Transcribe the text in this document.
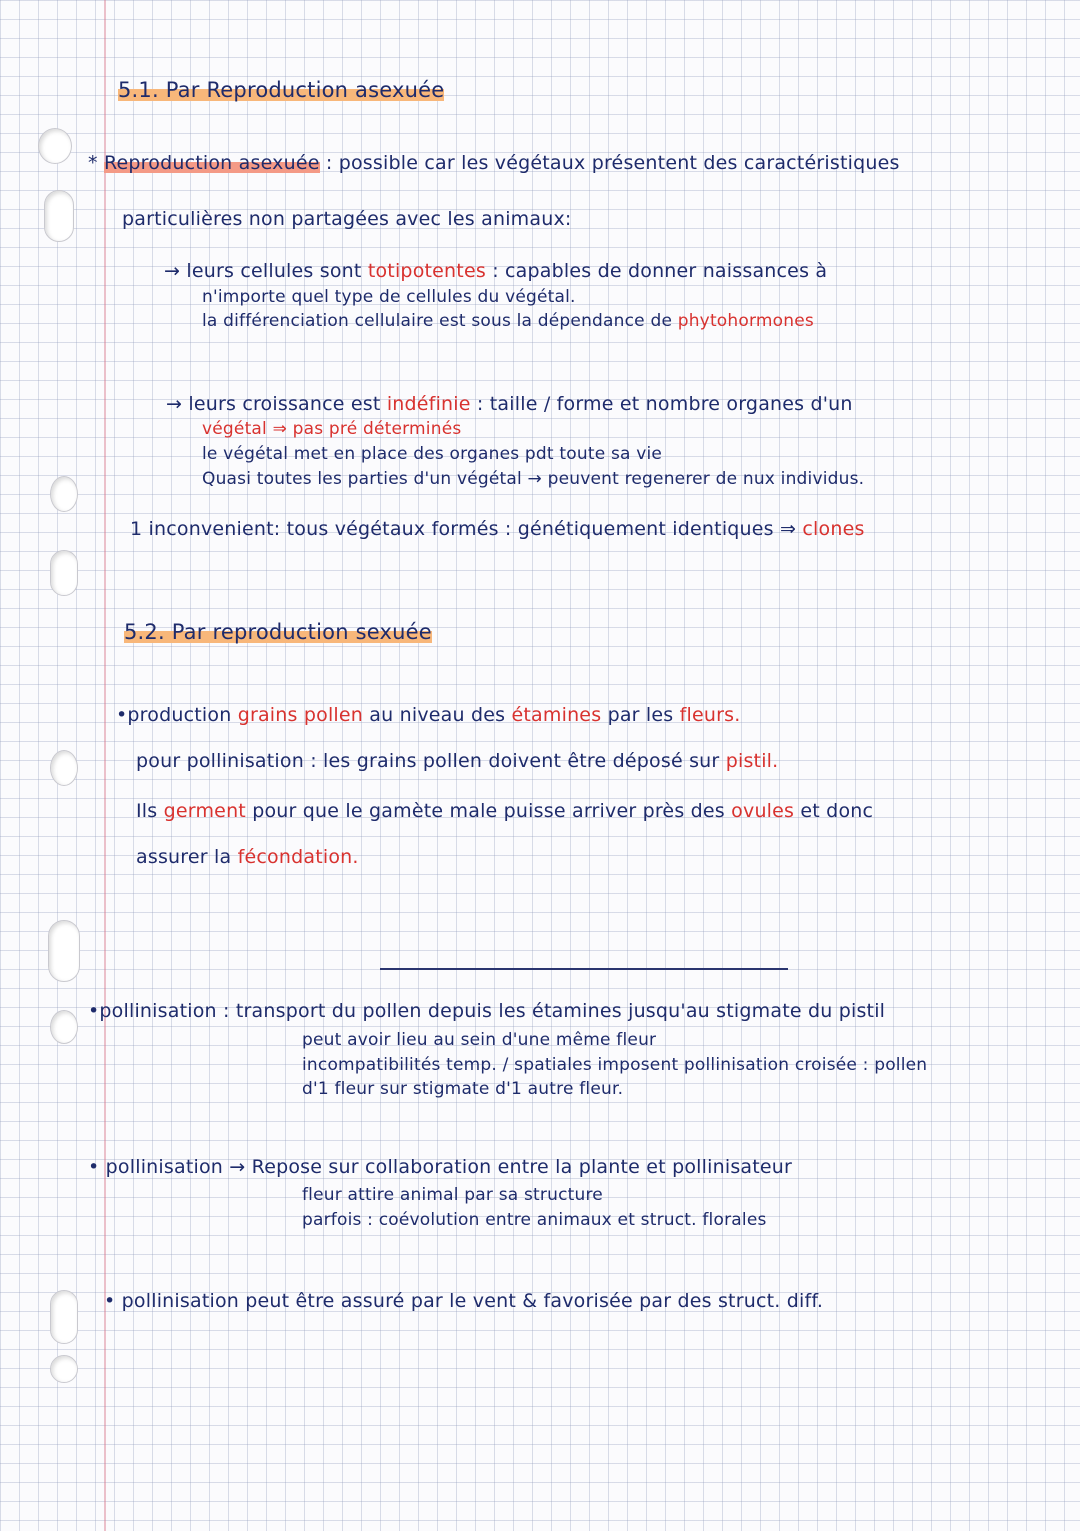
5.1. Par Reproduction asexuée

* Reproduction asexuée : possible car les végétaux présentent des caractéristiques

particulières non partagées avec les animaux:

→ leurs cellules sont totipotentes : capables de donner naissances à

n'importe quel type de cellules du végétal.

la différenciation cellulaire est sous la dépendance de phytohormones

→ leurs croissance est indéfinie : taille / forme et nombre organes d'un

végétal ⇒ pas pré déterminés

le végétal met en place des organes pdt toute sa vie

Quasi toutes les parties d'un végétal → peuvent regenerer de nux individus.

1 inconvenient: tous végétaux formés : génétiquement identiques ⇒ clones

5.2. Par reproduction sexuée

•production grains pollen au niveau des étamines par les fleurs.

pour pollinisation : les grains pollen doivent être déposé sur pistil.

Ils germent pour que le gamète male puisse arriver près des ovules et donc

assurer la fécondation.

•pollinisation : transport du pollen depuis les étamines jusqu'au stigmate du pistil

peut avoir lieu au sein d'une même fleur

incompatibilités temp. / spatiales imposent pollinisation croisée : pollen

d'1 fleur sur stigmate d'1 autre fleur.

• pollinisation → Repose sur collaboration entre la plante et pollinisateur

fleur attire animal par sa structure

parfois : coévolution entre animaux et struct. florales

• pollinisation peut être assuré par le vent & favorisée par des struct. diff.
